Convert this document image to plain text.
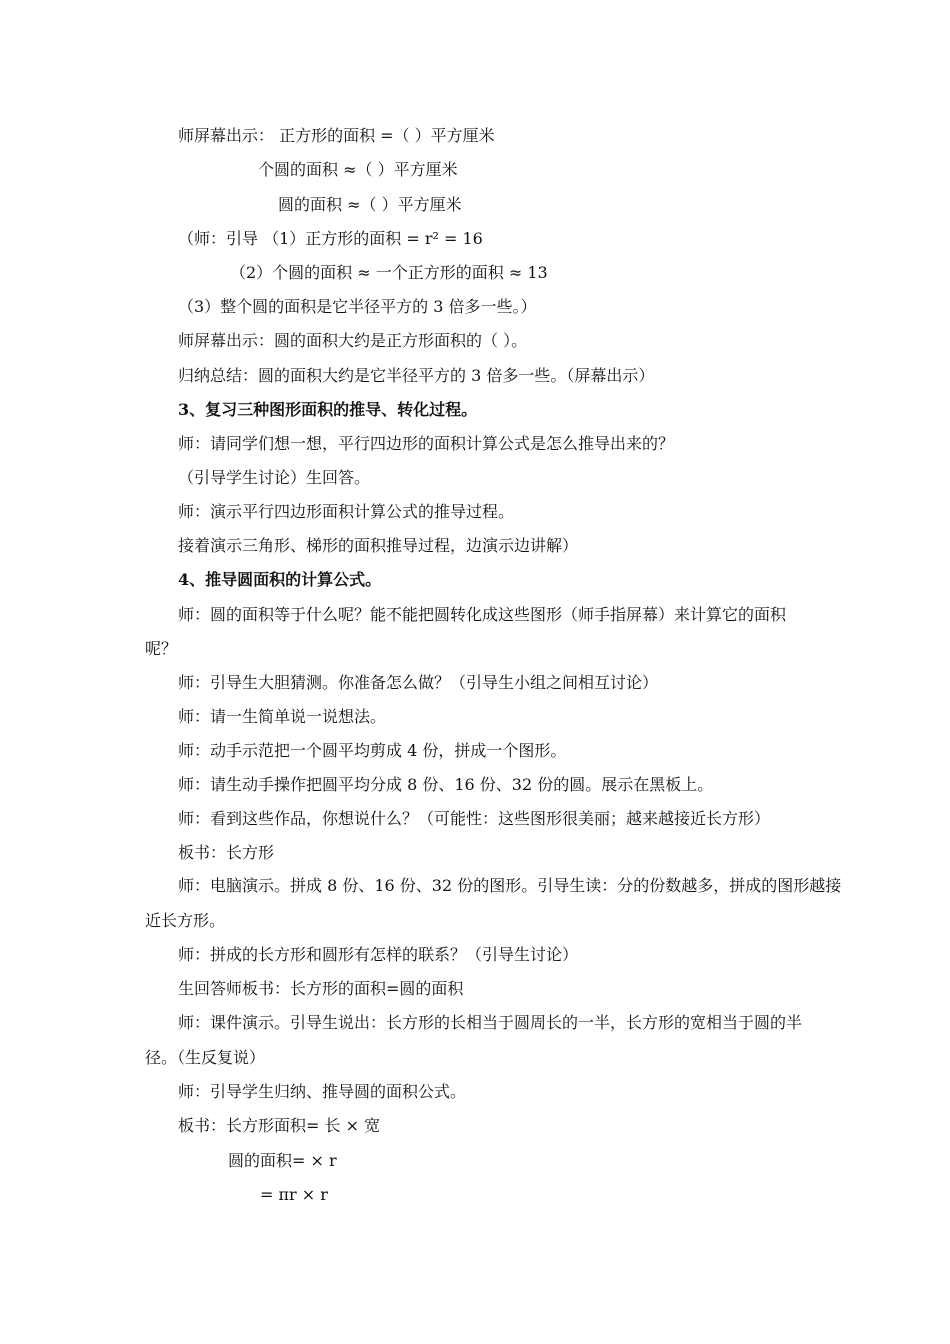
师屏幕出示： 正方形的面积 =（ ）平方厘米
个圆的面积 ≈（ ）平方厘米
圆的面积 ≈（ ）平方厘米
（师：引导 （1）正方形的面积 = r² = 16
（2）个圆的面积 ≈ 一个正方形的面积 ≈ 13
（3）整个圆的面积是它半径平方的 3 倍多一些。）
师屏幕出示：圆的面积大约是正方形面积的（ ）。
归纳总结：圆的面积大约是它半径平方的 3 倍多一些。（屏幕出示）
3、复习三种图形面积的推导、转化过程。
师：请同学们想一想，平行四边形的面积计算公式是怎么推导出来的？
（引导学生讨论）生回答。
师：演示平行四边形面积计算公式的推导过程。
接着演示三角形、梯形的面积推导过程，边演示边讲解）
4、推导圆面积的计算公式。
师：圆的面积等于什么呢？能不能把圆转化成这些图形（师手指屏幕）来计算它的面积
呢？
师：引导生大胆猜测。你准备怎么做？（引导生小组之间相互讨论）
师：请一生简单说一说想法。
师：动手示范把一个圆平均剪成 4 份，拼成一个图形。
师：请生动手操作把圆平均分成 8 份、16 份、32 份的圆。展示在黑板上。
师：看到这些作品，你想说什么？（可能性：这些图形很美丽；越来越接近长方形）
板书：长方形
师：电脑演示。拼成 8 份、16 份、32 份的图形。引导生读：分的份数越多，拼成的图形越接
近长方形。
师：拼成的长方形和圆形有怎样的联系？（引导生讨论）
生回答师板书：长方形的面积=圆的面积
师：课件演示。引导生说出：长方形的长相当于圆周长的一半，长方形的宽相当于圆的半
径。（生反复说）
师：引导学生归纳、推导圆的面积公式。
板书：长方形面积= 长 × 宽
圆的面积= × r
= πr × r
